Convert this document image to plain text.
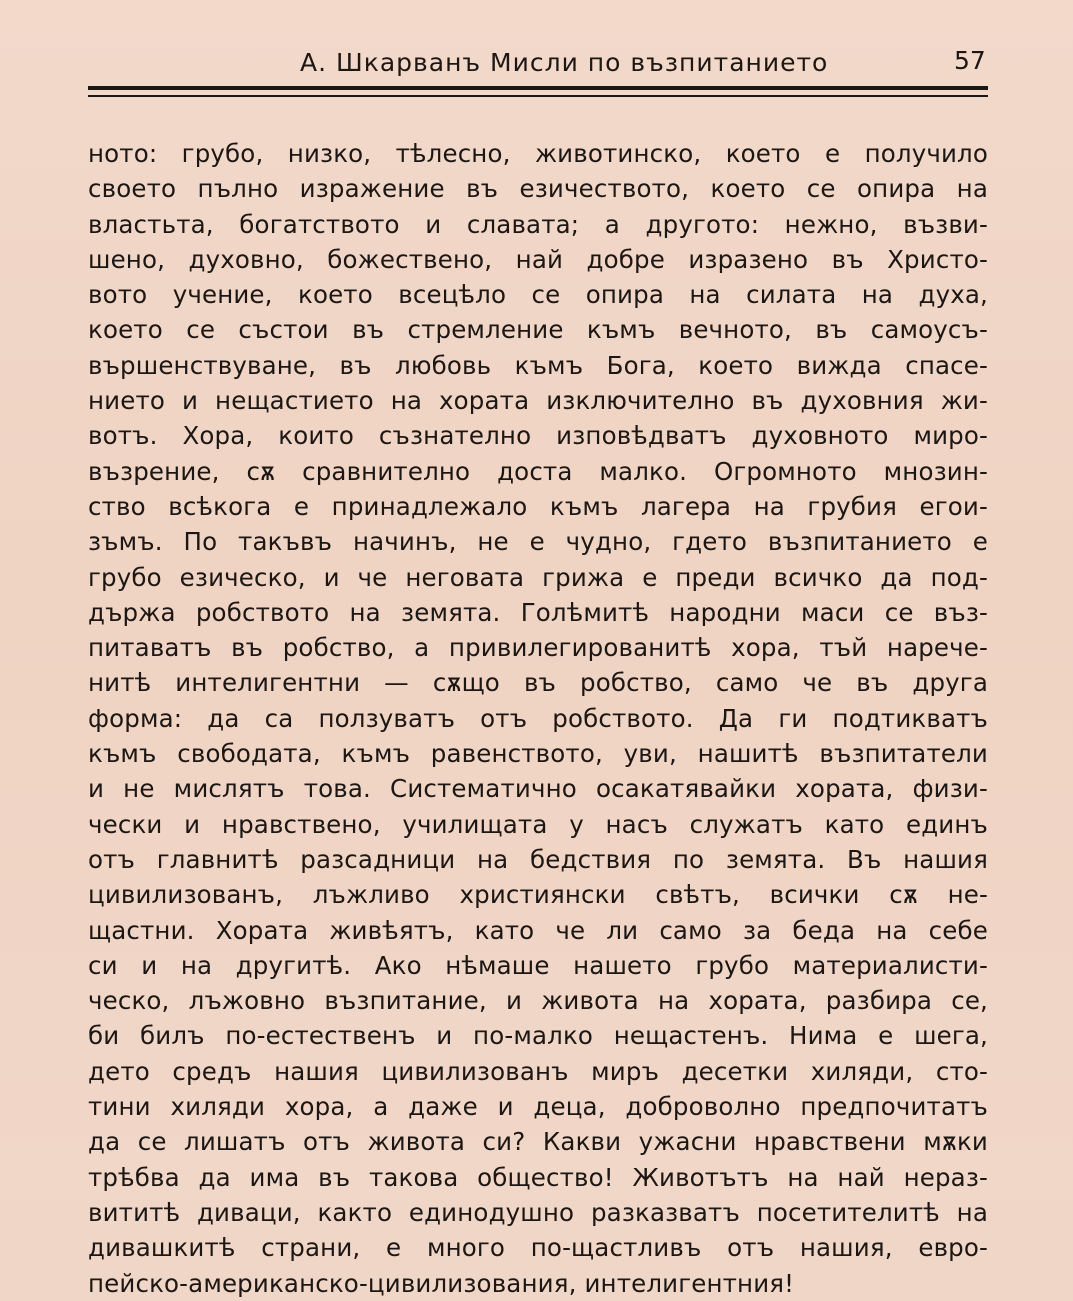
А. Шкарванъ Мисли по възпитанието	57
ното: грубо, низко, тѣлесно, животинско, което е получило
своето пълно изражение въ езичеството, което се опира на
властьта, богатството и славата; а другото: нежно, възви-
шено, духовно, божествено, най добре изразено въ Христо-
вото учение, което всецѣло се опира на силата на духа,
което се състои въ стремление къмъ вечното, въ самоусъ-
вършенствуване, въ любовь къмъ Бога, което вижда спасе-
нието и нещастието на хората изключително въ духовния жи-
вотъ. Хора, които съзнателно изповѣдватъ духовното миро-
възрение, сѫ сравнително доста малко. Огромното мнозин-
ство всѣкога е принадлежало къмъ лагера на грубия егои-
зъмъ. По такъвъ начинъ, не е чудно, гдето възпитанието е
грубо езическо, и че неговата грижа е преди всичко да под-
държа робството на земята. Голѣмитѣ народни маси се въз-
питаватъ въ робство, а привилегированитѣ хора, тъй нарече-
нитѣ интелигентни — сѫщо въ робство, само че въ друга
форма: да са ползуватъ отъ робството. Да ги подтикватъ
къмъ свободата, къмъ равенството, уви, нашитѣ възпитатели
и не мислятъ това. Систематично осакатявайки хората, физи-
чески и нравствено, училищата у насъ служатъ като единъ
отъ главнитѣ разсадници на бедствия по земята. Въ нашия
цивилизованъ, лъжливо християнски свѣтъ, всички сѫ не-
щастни. Хората живѣятъ, като че ли само за беда на себе
си и на другитѣ. Ако нѣмаше нашето грубо материалисти-
ческо, лъжовно възпитание, и живота на хората, разбира се,
би билъ по-естественъ и по-малко нещастенъ. Нима е шега,
дето средъ нашия цивилизованъ миръ десетки хиляди, сто-
тини хиляди хора, а даже и деца, доброволно предпочитатъ
да се лишатъ отъ живота си? Какви ужасни нравствени мѫки
трѣбва да има въ такова общество! Животътъ на най нераз-
вититѣ диваци, както единодушно разказватъ посетителитѣ на
дивашкитѣ страни, е много по-щастливъ отъ нашия, евро-
пейско-американско-цивилизования, интелигентния!
